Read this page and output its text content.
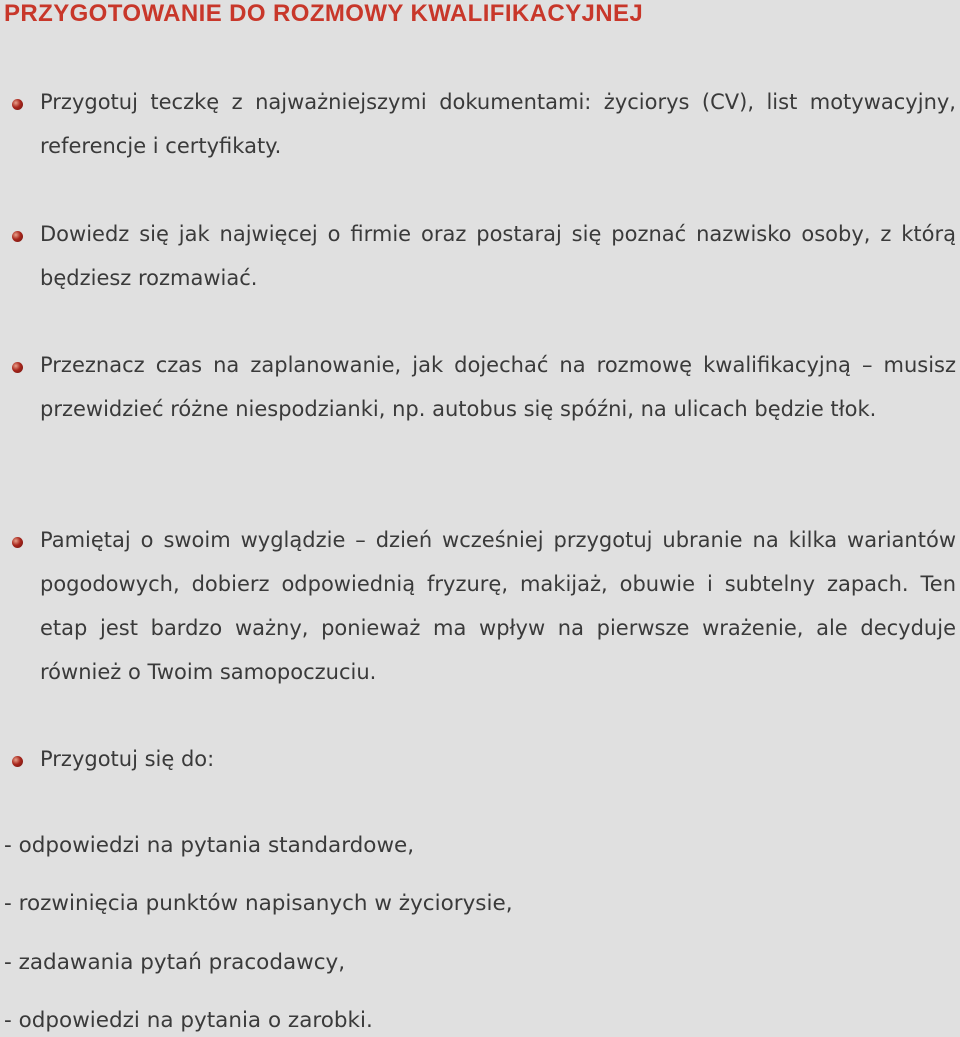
PRZYGOTOWANIE DO ROZMOWY KWALIFIKACYJNEJ

Przygotuj teczkę z najważniejszymi dokumentami: życiorys (CV), list motywacyjny, referencje i certyfikaty.

Dowiedz się jak najwięcej o firmie oraz postaraj się poznać nazwisko osoby, z którą będziesz rozmawiać.

Przeznacz czas na zaplanowanie, jak dojechać na rozmowę kwalifikacyjną – musisz przewidzieć różne niespodzianki, np. autobus się spóźni, na ulicach będzie tłok.

Pamiętaj o swoim wyglądzie – dzień wcześniej przygotuj ubranie na kilka wariantów pogodowych, dobierz odpowiednią fryzurę, makijaż, obuwie i subtelny zapach. Ten etap jest bardzo ważny, ponieważ ma wpływ na pierwsze wrażenie, ale decyduje również o Twoim samopoczuciu.

Przygotuj się do:

- odpowiedzi na pytania standardowe,

- rozwinięcia punktów napisanych w życiorysie,

- zadawania pytań pracodawcy,

- odpowiedzi na pytania o zarobki.
